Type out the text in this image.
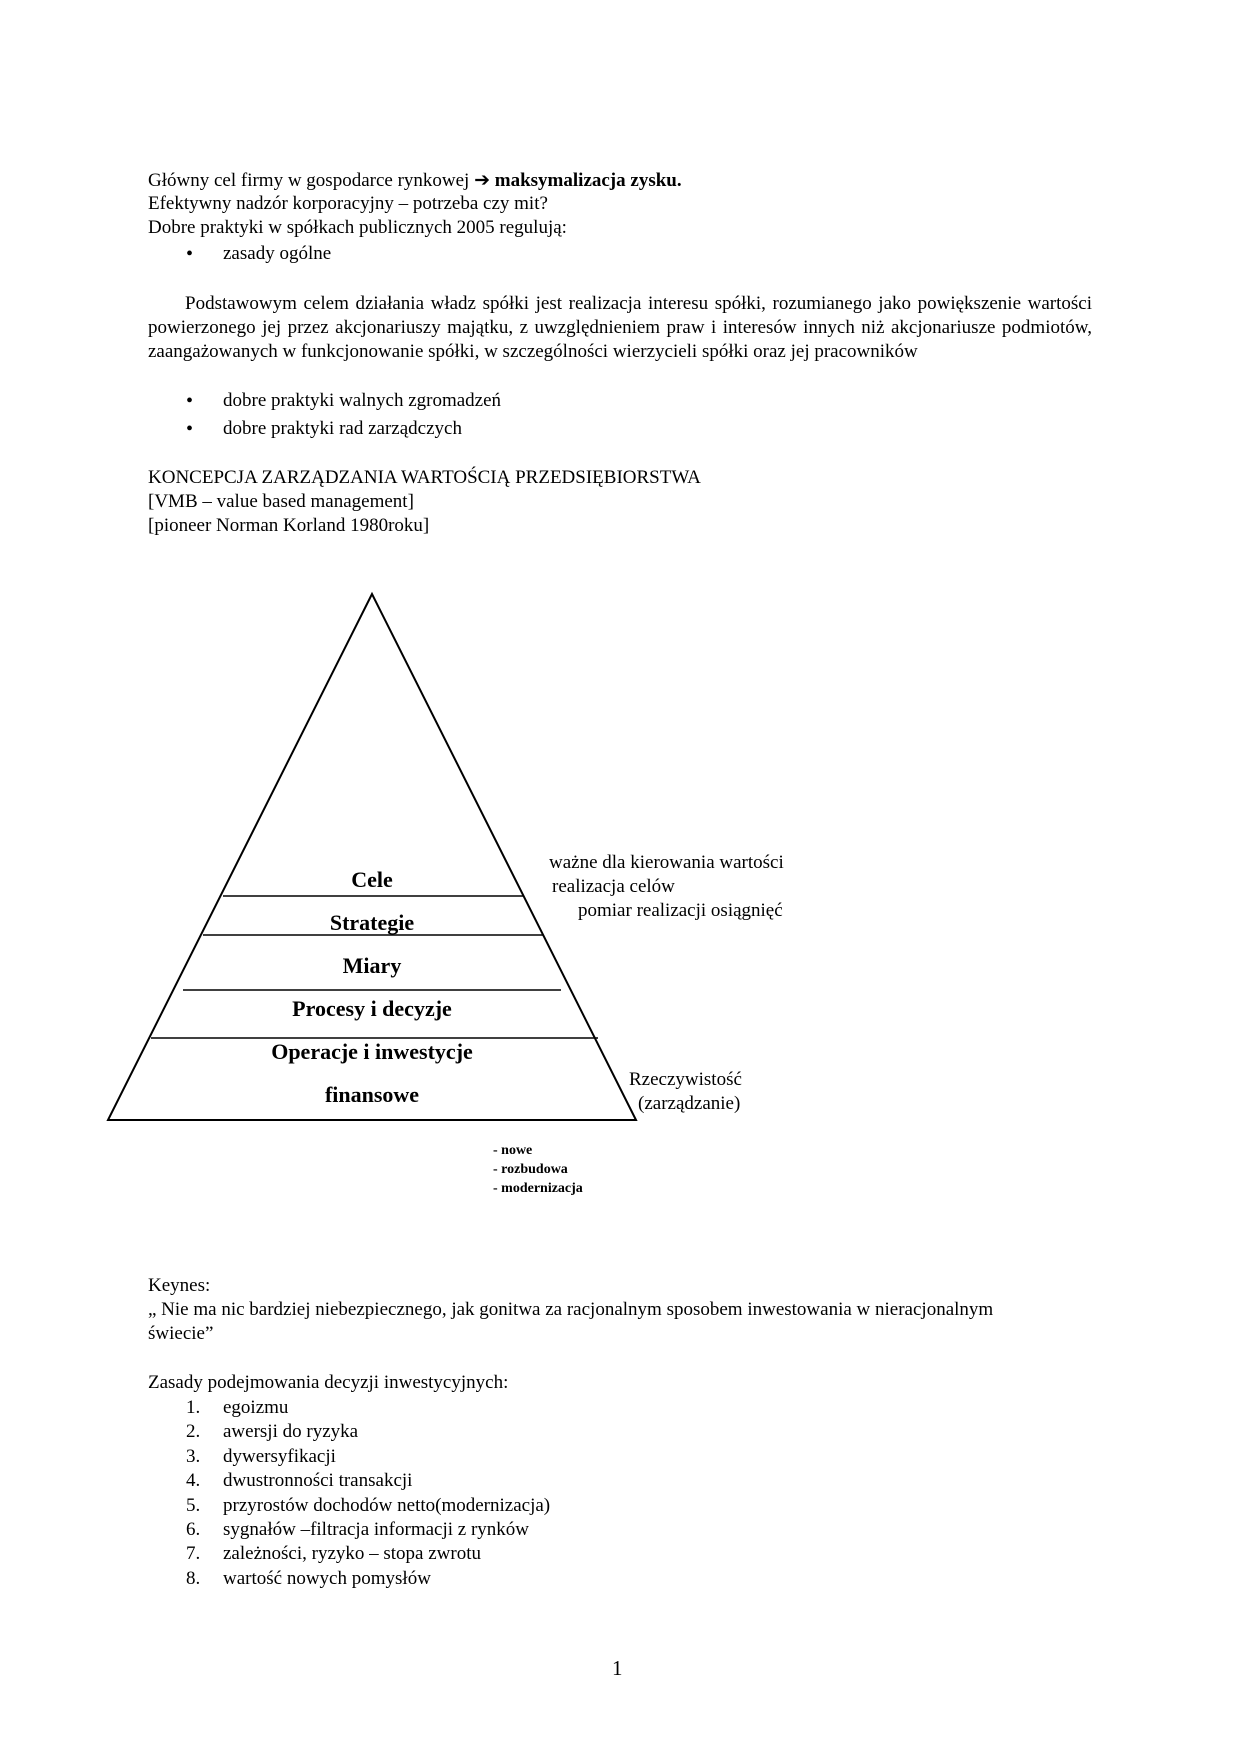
Główny cel firmy w gospodarce rynkowej ➔ maksymalizacja zysku.
Efektywny nadzór korporacyjny – potrzeba czy mit?
Dobre praktyki w spółkach publicznych 2005 regulują:
• zasady ogólne
Podstawowym celem działania władz spółki jest realizacja interesu spółki, rozumianego jako powiększenie wartości powierzonego jej przez akcjonariuszy majątku, z uwzględnieniem praw i interesów innych niż akcjonariusze podmiotów, zaangażowanych w funkcjonowanie spółki, w szczególności wierzycieli spółki oraz jej pracowników
• dobre praktyki walnych zgromadzeń
• dobre praktyki rad zarządczych
KONCEPCJA ZARZĄDZANIA WARTOŚCIĄ PRZEDSIĘBIORSTWA
[VMB – value based management]
[pioneer Norman Korland 1980roku]
Cele
Strategie
Miary
Procesy i decyzje
Operacje i inwestycje
finansowe
ważne dla kierowania wartości
realizacja celów
pomiar realizacji osiągnięć
Rzeczywistość
(zarządzanie)
- nowe
- rozbudowa
- modernizacja
Keynes:
„ Nie ma nic bardziej niebezpiecznego, jak gonitwa za racjonalnym sposobem inwestowania w nieracjonalnym
świecie”
Zasady podejmowania decyzji inwestycyjnych:
1. egoizmu
2. awersji do ryzyka
3. dywersyfikacji
4. dwustronności transakcji
5. przyrostów dochodów netto(modernizacja)
6. sygnałów –filtracja informacji z rynków
7. zależności, ryzyko – stopa zwrotu
8. wartość nowych pomysłów
1
